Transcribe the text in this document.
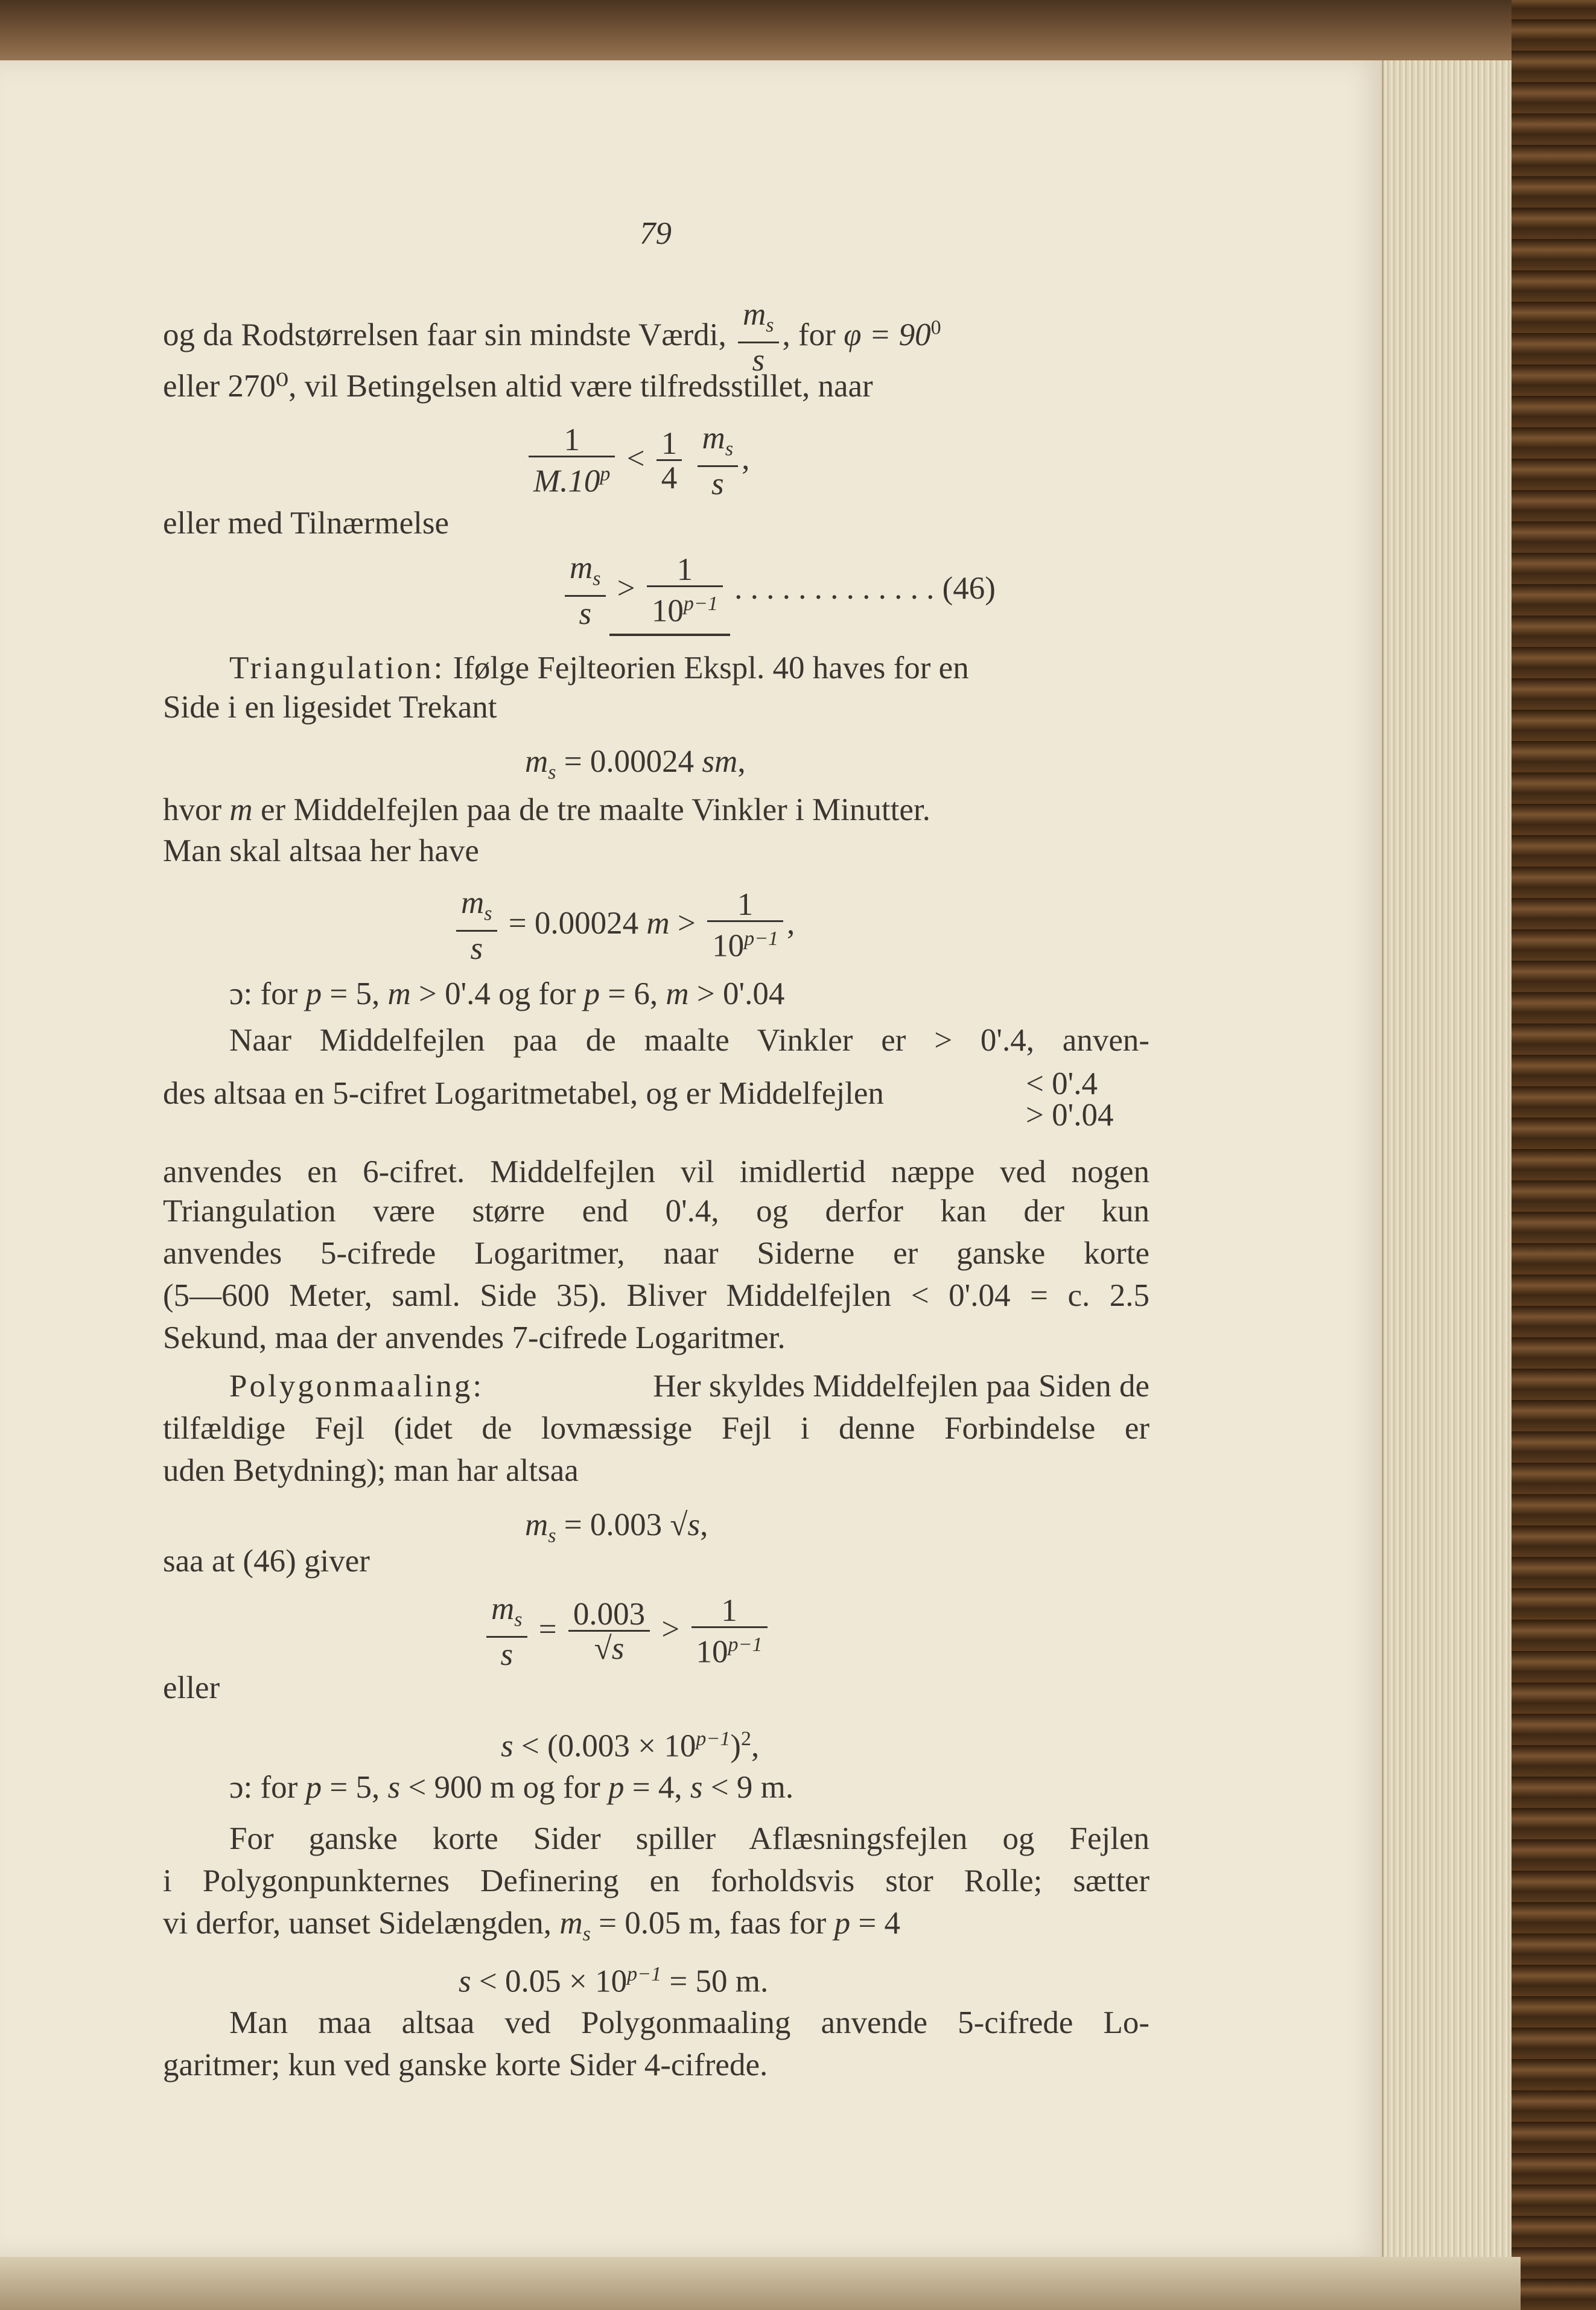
79
og da Rodstørrelsen faar sin mindste Værdi, $\frac{m_s}{s}$ , for $\varphi = 90^0$
eller 270⁰, vil Betingelsen altid være tilfredsstillet, naar
$\frac{1}{M.10^p} < \frac{1}{4}$
$\frac{m_s}{s}$ ,
eller med Tilnærmelse
$\frac{m_s}{s} > \frac{1}{10^{p-1}}$ . . . . . . . . . . . . . (46)
Triangulation: Ifølge Fejlteorien Ekspl. 40 haves for en
Side i en ligesidet Trekant
$m_s = 0.00024$ sm,
hvor m er Middelfejlen paa de tre maalte Vinkler i Minutter.
Man skal altsaa her have
$\frac{m_s}{s} = 0.00024$ $m > \frac{1}{10^{p-1}}$ ,
ɔ: for p = 5, m > 0'.4 og for p = 6, m > 0'.04
Naar Middelfejlen paa de maalte Vinkler er > 0'.4, anven-
des altsaa en 5-cifret Logaritmetabel, og er Middelfejlen	< 0'.4
> 0'.04
anvendes en 6-cifret. Middelfejlen vil imidlertid næppe ved nogen
Triangulation være større end 0'.4, og derfor kan der kun
anvendes 5-cifrede Logaritmer, naar Siderne er ganske korte
(5—600 Meter, saml. Side 35). Bliver Middelfejlen < 0'.04 = c. 2.5
Sekund, maa der anvendes 7-cifrede Logaritmer.
Polygonmaaling:	Her skyldes Middelfejlen paa Siden de
tilfældige Fejl (idet de lovmæssige Fejl i denne Forbindelse er
uden Betydning); man har altsaa
$m_s = 0.003$ √s,
saa at (46) giver
$\frac{m_s}{s} = \frac{0.003}{√s} > \frac{1}{10^{p-1}}$
eller
$s < (0.003 \times 10^{p-1})^2$,
ɔ: for p = 5, s < 900 m og for p = 4, s < 9 m.
For ganske korte Sider spiller Aflæsningsfejlen og Fejlen
i Polygonpunkternes Definering en forholdsvis stor Rolle; sætter
vi derfor, uanset Sidelængden, $m_s = 0.05$ m, faas for p = 4
$s < 0.05 \times 10^{p-1} = 50$ m.
Man maa altsaa ved Polygonmaaling anvende 5-cifrede Lo-
garitmer; kun ved ganske korte Sider 4-cifrede.
